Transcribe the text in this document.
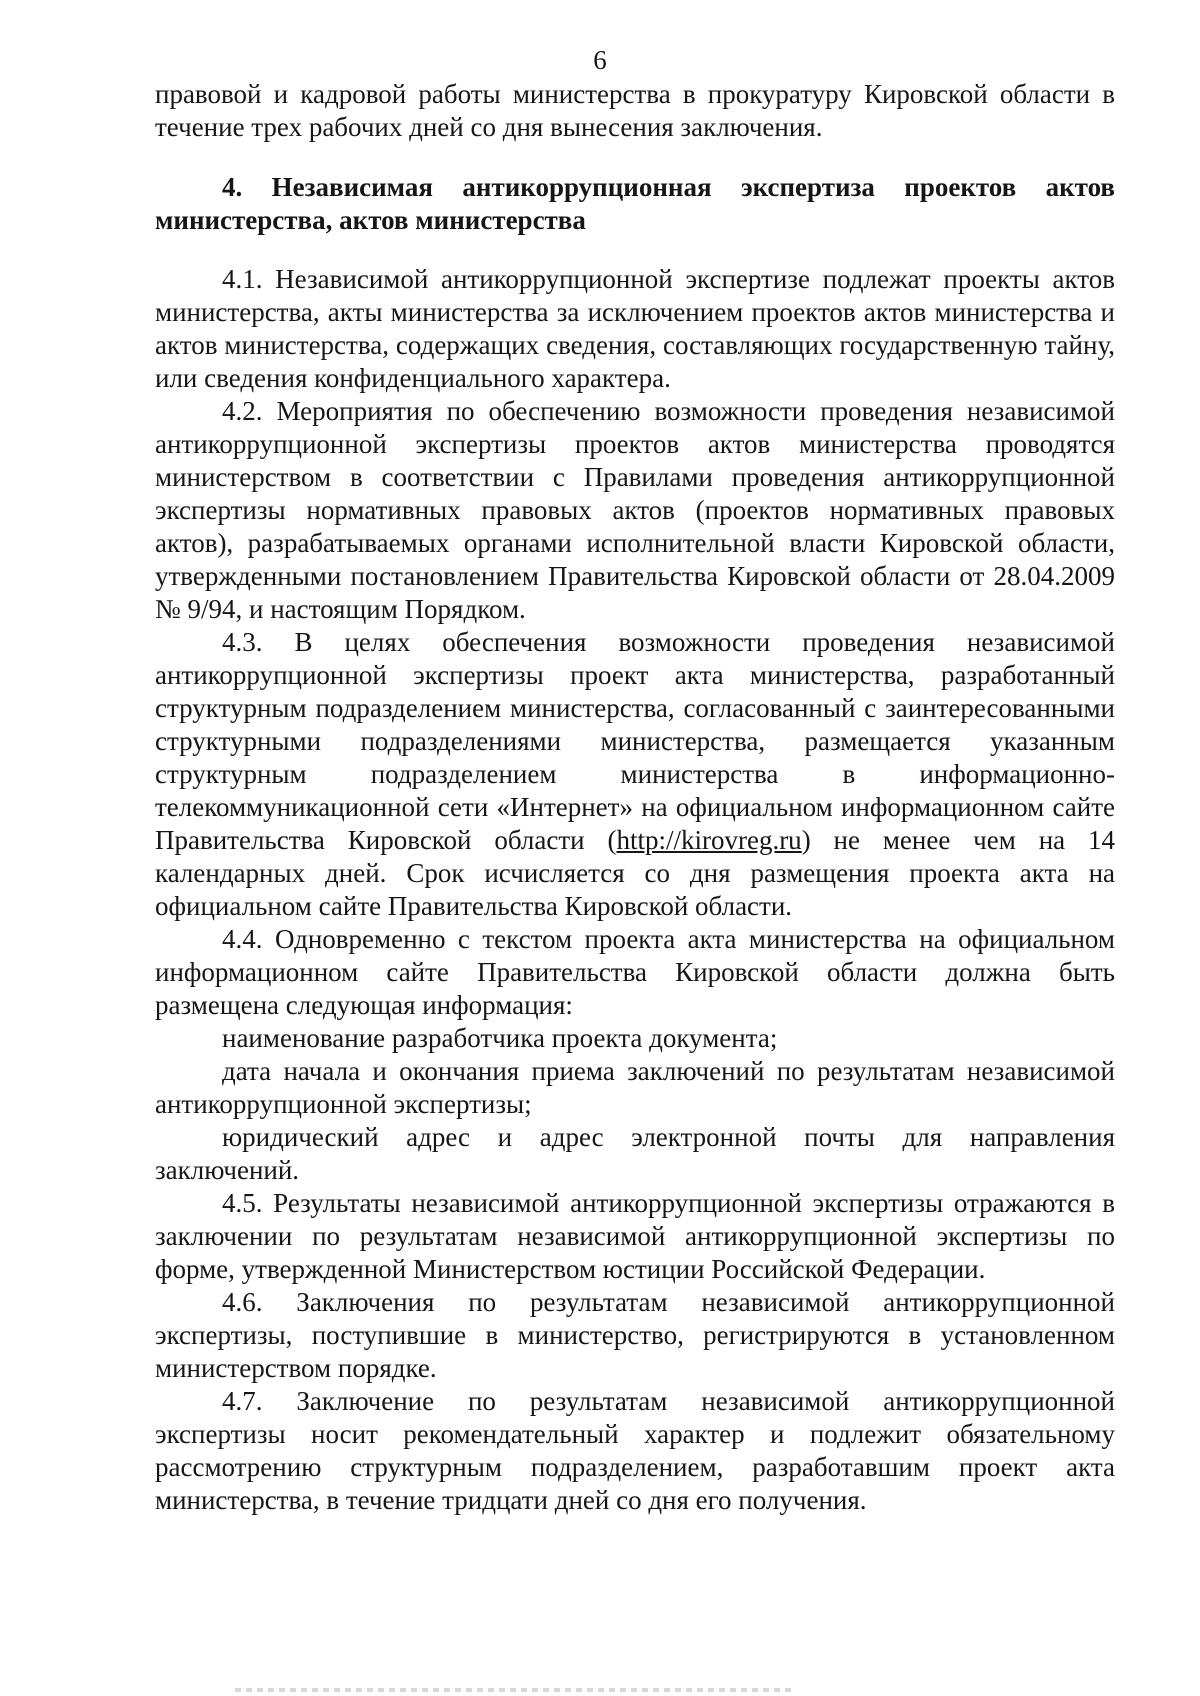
6

правовой и кадровой работы министерства в прокуратуру Кировской области в течение трех рабочих дней со дня вынесения заключения.

4. Независимая антикоррупционная экспертиза проектов актов министерства, актов министерства

4.1. Независимой антикоррупционной экспертизе подлежат проекты актов министерства, акты министерства за исключением проектов актов министерства и актов министерства, содержащих сведения, составляющих государственную тайну, или сведения конфиденциального характера.

4.2. Мероприятия по обеспечению возможности проведения независимой антикоррупционной экспертизы проектов актов министерства проводятся министерством в соответствии с Правилами проведения антикоррупционной экспертизы нормативных правовых актов (проектов нормативных правовых актов), разрабатываемых органами исполнительной власти Кировской области, утвержденными постановлением Правительства Кировской области от 28.04.2009 № 9/94, и настоящим Порядком.

4.3. В целях обеспечения возможности проведения независимой антикоррупционной экспертизы проект акта министерства, разработанный структурным подразделением министерства, согласованный с заинтересованными структурными подразделениями министерства, размещается указанным структурным подразделением министерства в информационно-телекоммуникационной сети «Интернет» на официальном информационном сайте Правительства Кировской области (http://kirovreg.ru) не менее чем на 14 календарных дней. Срок исчисляется со дня размещения проекта акта на официальном сайте Правительства Кировской области.

4.4. Одновременно с текстом проекта акта министерства на официальном информационном сайте Правительства Кировской области должна быть размещена следующая информация:

наименование разработчика проекта документа;

дата начала и окончания приема заключений по результатам независимой антикоррупционной экспертизы;

юридический адрес и адрес электронной почты для направления заключений.

4.5. Результаты независимой антикоррупционной экспертизы отражаются в заключении по результатам независимой антикоррупционной экспертизы по форме, утвержденной Министерством юстиции Российской Федерации.

4.6. Заключения по результатам независимой антикоррупционной экспертизы, поступившие в министерство, регистрируются в установленном министерством порядке.

4.7. Заключение по результатам независимой антикоррупционной экспертизы носит рекомендательный характер и подлежит обязательному рассмотрению структурным подразделением, разработавшим проект акта министерства, в течение тридцати дней со дня его получения.
